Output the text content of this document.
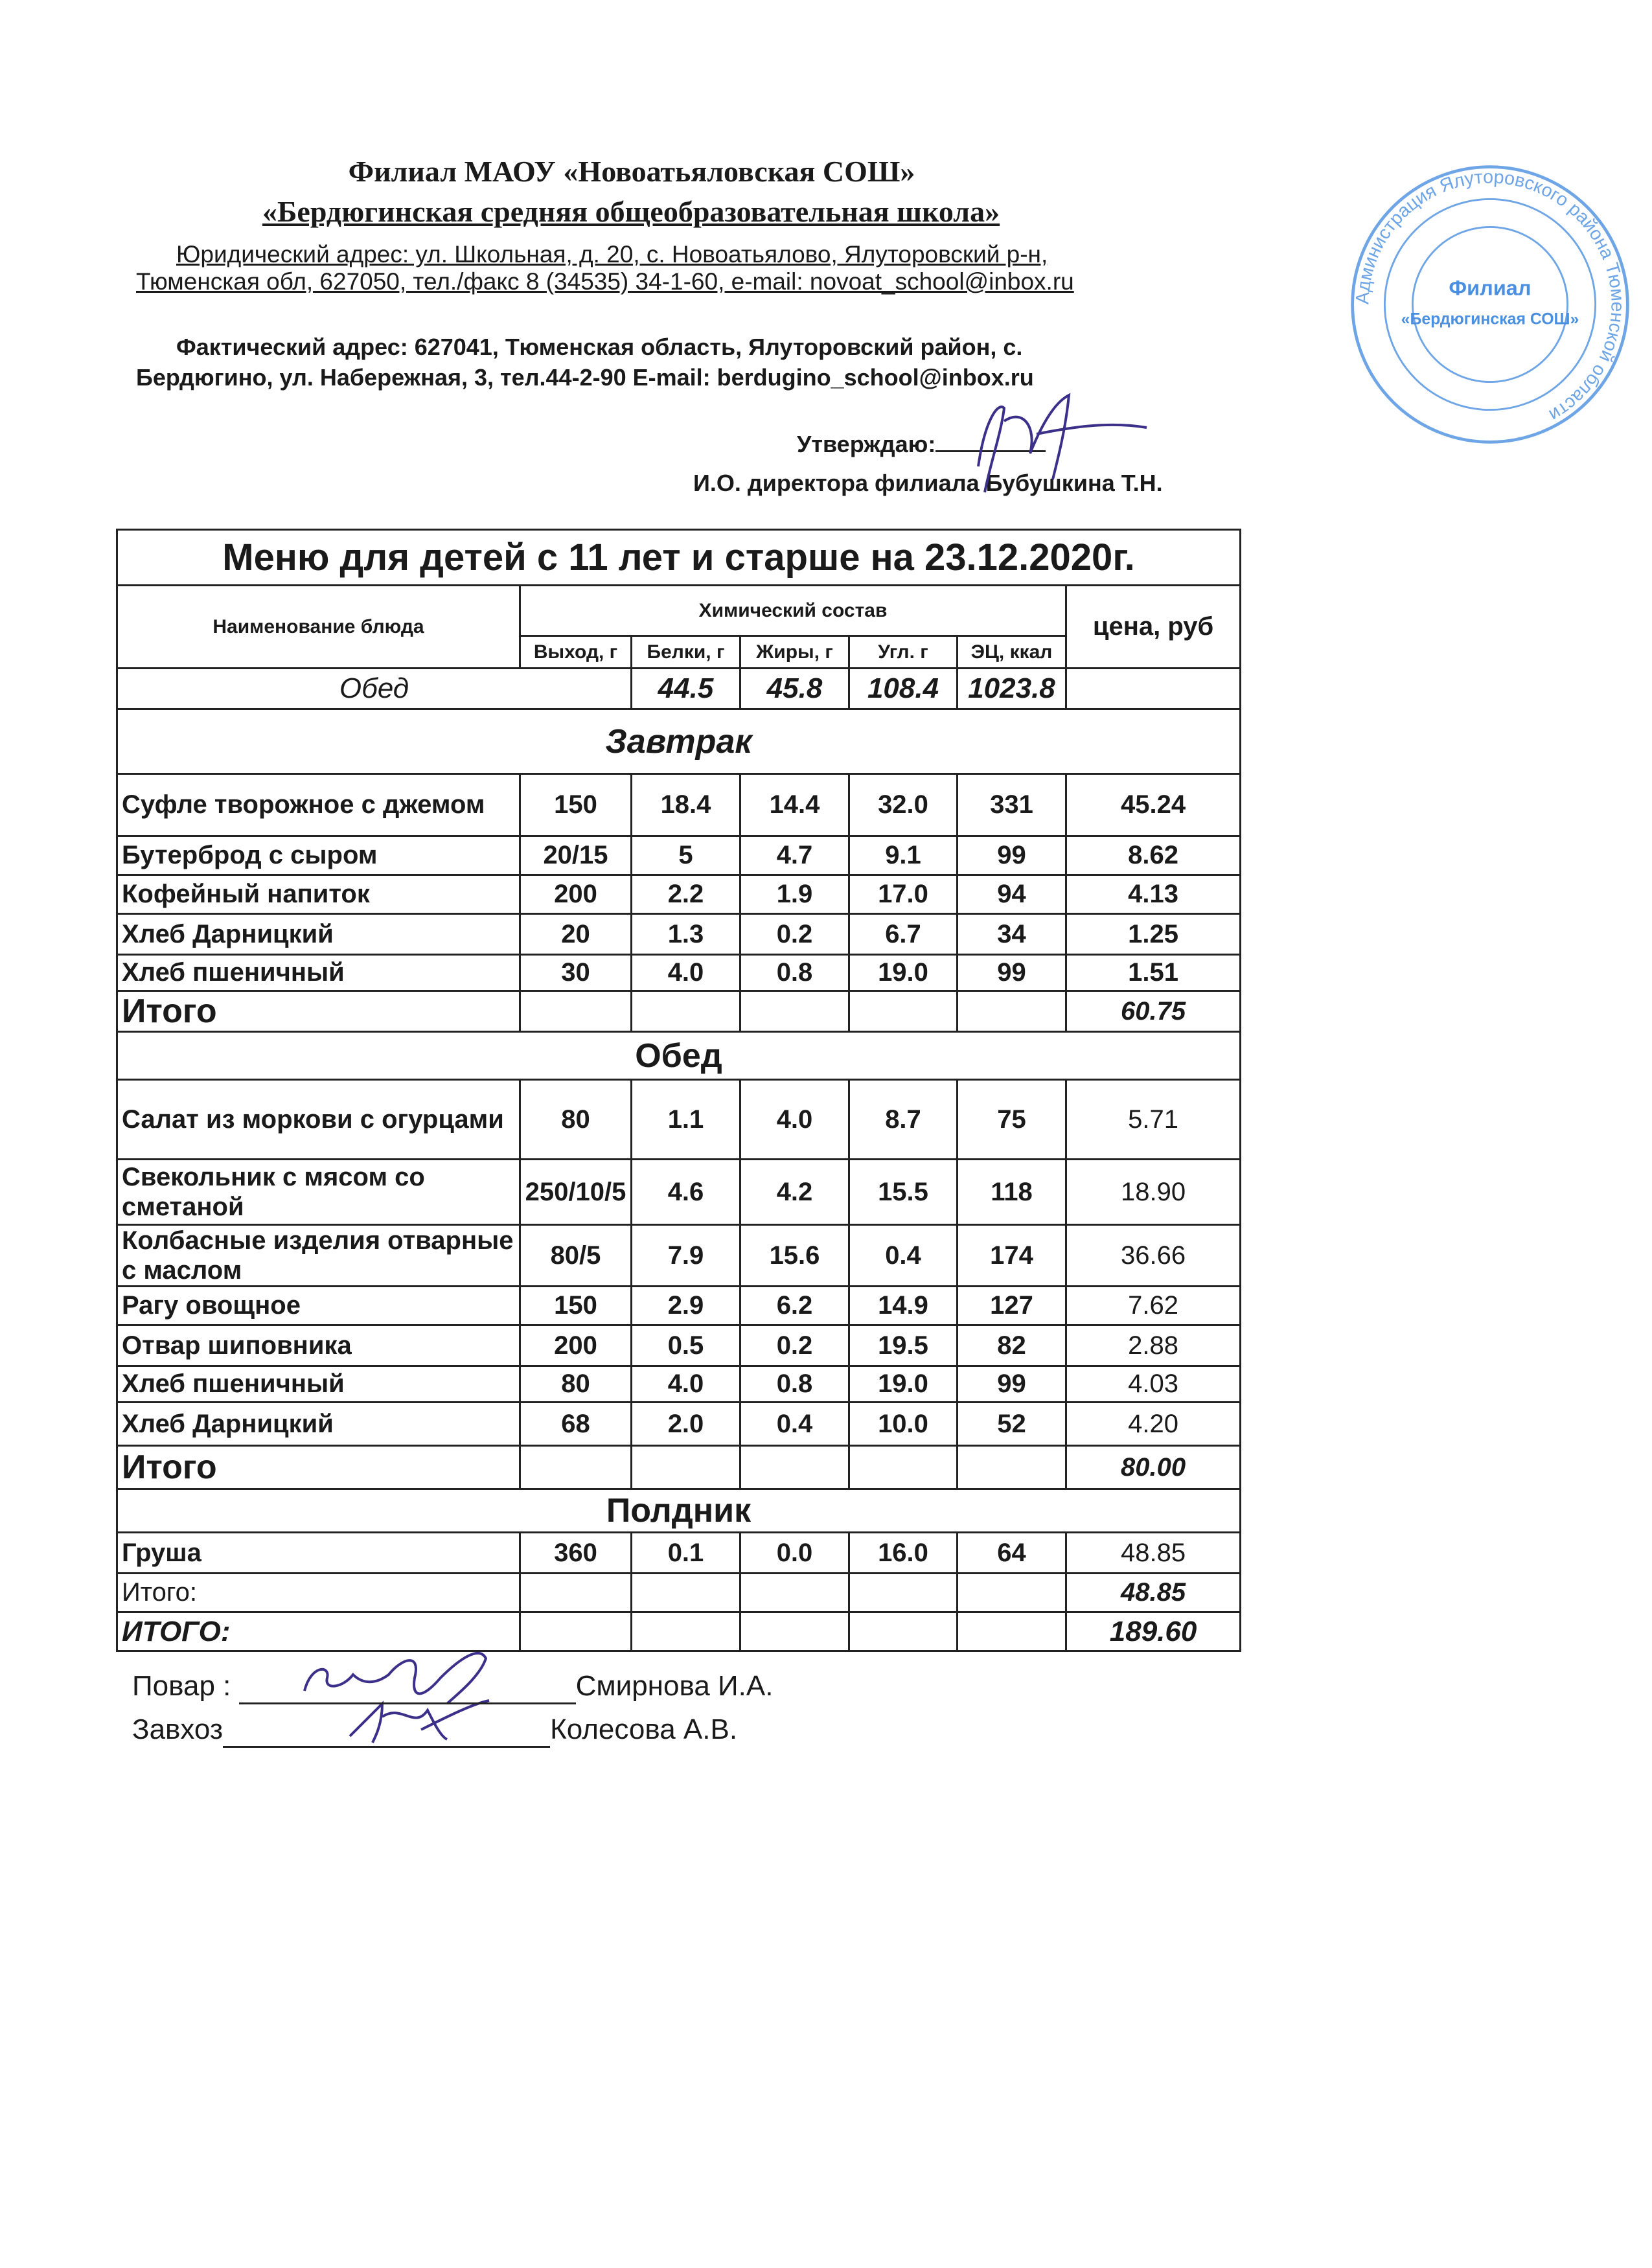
Филиал МАОУ «Новоатьяловская СОШ»
«Бердюгинская средняя общеобразовательная школа»
Юридический адрес: ул. Школьная, д. 20, с. Новоатьялово, Ялуторовский р-н,
Тюменская обл, 627050, тел./факс 8 (34535) 34-1-60, e-mail: novoat_school@inbox.ru
Фактический адрес: 627041, Тюменская область, Ялуторовский район, с.
Бердюгино, ул. Набережная, 3, тел.44-2-90 E-mail: berdugino_school@inbox.ru
Утверждаю:
И.О. директора филиала Бубушкина Т.Н.
Администрация Ялуторовского района Тюменской области
Филиал
«Бердюгинская СОШ»
Меню для детей с 11 лет и старше на 23.12.2020г.						
Наименование блюда	Химический состав					цена, руб
	Выход, г	Белки, г	Жиры, г	Угл. г	ЭЦ, ккал	
Обед		44.5	45.8	108.4	1023.8	
Завтрак						
Суфле творожное с джемом	150	18.4	14.4	32.0	331	45.24
Бутерброд с сыром	20/15	5	4.7	9.1	99	8.62
Кофейный напиток	200	2.2	1.9	17.0	94	4.13
Хлеб Дарницкий	20	1.3	0.2	6.7	34	1.25
Хлеб пшеничный	30	4.0	0.8	19.0	99	1.51
Итого						60.75
Обед						
Салат из моркови с огурцами	80	1.1	4.0	8.7	75	5.71
Свекольник с мясом со сметаной	250/10/5	4.6	4.2	15.5	118	18.90
Колбасные изделия отварные с маслом	80/5	7.9	15.6	0.4	174	36.66
Рагу овощное	150	2.9	6.2	14.9	127	7.62
Отвар шиповника	200	0.5	0.2	19.5	82	2.88
Хлеб пшеничный	80	4.0	0.8	19.0	99	4.03
Хлеб Дарницкий	68	2.0	0.4	10.0	52	4.20
Итого						80.00
Полдник						
Груша	360	0.1	0.0	16.0	64	48.85
Итого:						48.85
ИТОГО:						189.60
Повар :	Смирнова И.А.
Завхоз	Колесова А.В.
